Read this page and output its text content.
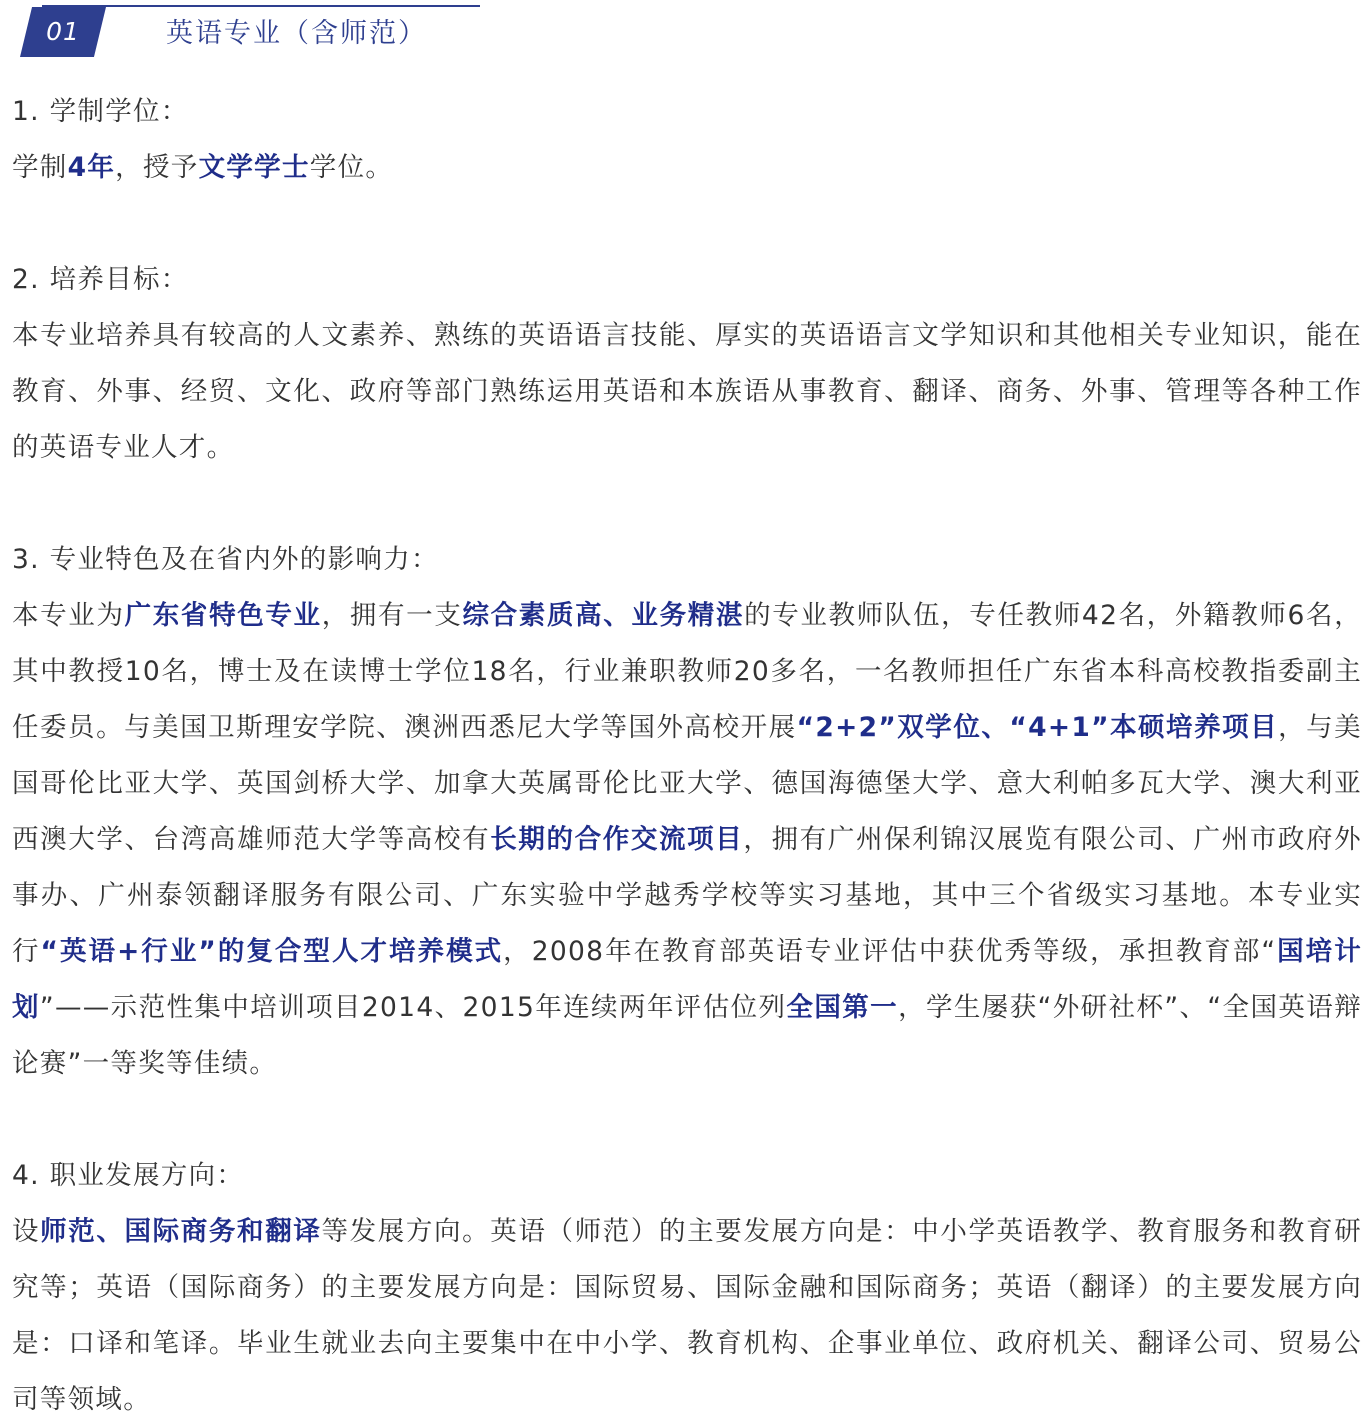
01	英语专业（含师范）

1. 学制学位：

学制4年，授予文学学士学位。

2. 培养目标：

本专业培养具有较高的人文素养、熟练的英语语言技能、厚实的英语语言文学知识和其他相关专业知识，能在教育、外事、经贸、文化、政府等部门熟练运用英语和本族语从事教育、翻译、商务、外事、管理等各种工作的英语专业人才。

3. 专业特色及在省内外的影响力：

本专业为广东省特色专业，拥有一支综合素质高、业务精湛的专业教师队伍，专任教师42名，外籍教师6名，其中教授10名，博士及在读博士学位18名，行业兼职教师20多名，一名教师担任广东省本科高校教指委副主任委员。与美国卫斯理安学院、澳洲西悉尼大学等国外高校开展“2+2”双学位、“4+1”本硕培养项目，与美国哥伦比亚大学、英国剑桥大学、加拿大英属哥伦比亚大学、德国海德堡大学、意大利帕多瓦大学、澳大利亚西澳大学、台湾高雄师范大学等高校有长期的合作交流项目，拥有广州保利锦汉展览有限公司、广州市政府外事办、广州泰领翻译服务有限公司、广东实验中学越秀学校等实习基地，其中三个省级实习基地。本专业实行“英语+行业”的复合型人才培养模式，2008年在教育部英语专业评估中获优秀等级，承担教育部“国培计划”——示范性集中培训项目2014、2015年连续两年评估位列全国第一，学生屡获“外研社杯”、“全国英语辩论赛”一等奖等佳绩。

4. 职业发展方向：

设师范、国际商务和翻译等发展方向。英语（师范）的主要发展方向是：中小学英语教学、教育服务和教育研究等；英语（国际商务）的主要发展方向是：国际贸易、国际金融和国际商务；英语（翻译）的主要发展方向是：口译和笔译。毕业生就业去向主要集中在中小学、教育机构、企事业单位、政府机关、翻译公司、贸易公司等领域。
